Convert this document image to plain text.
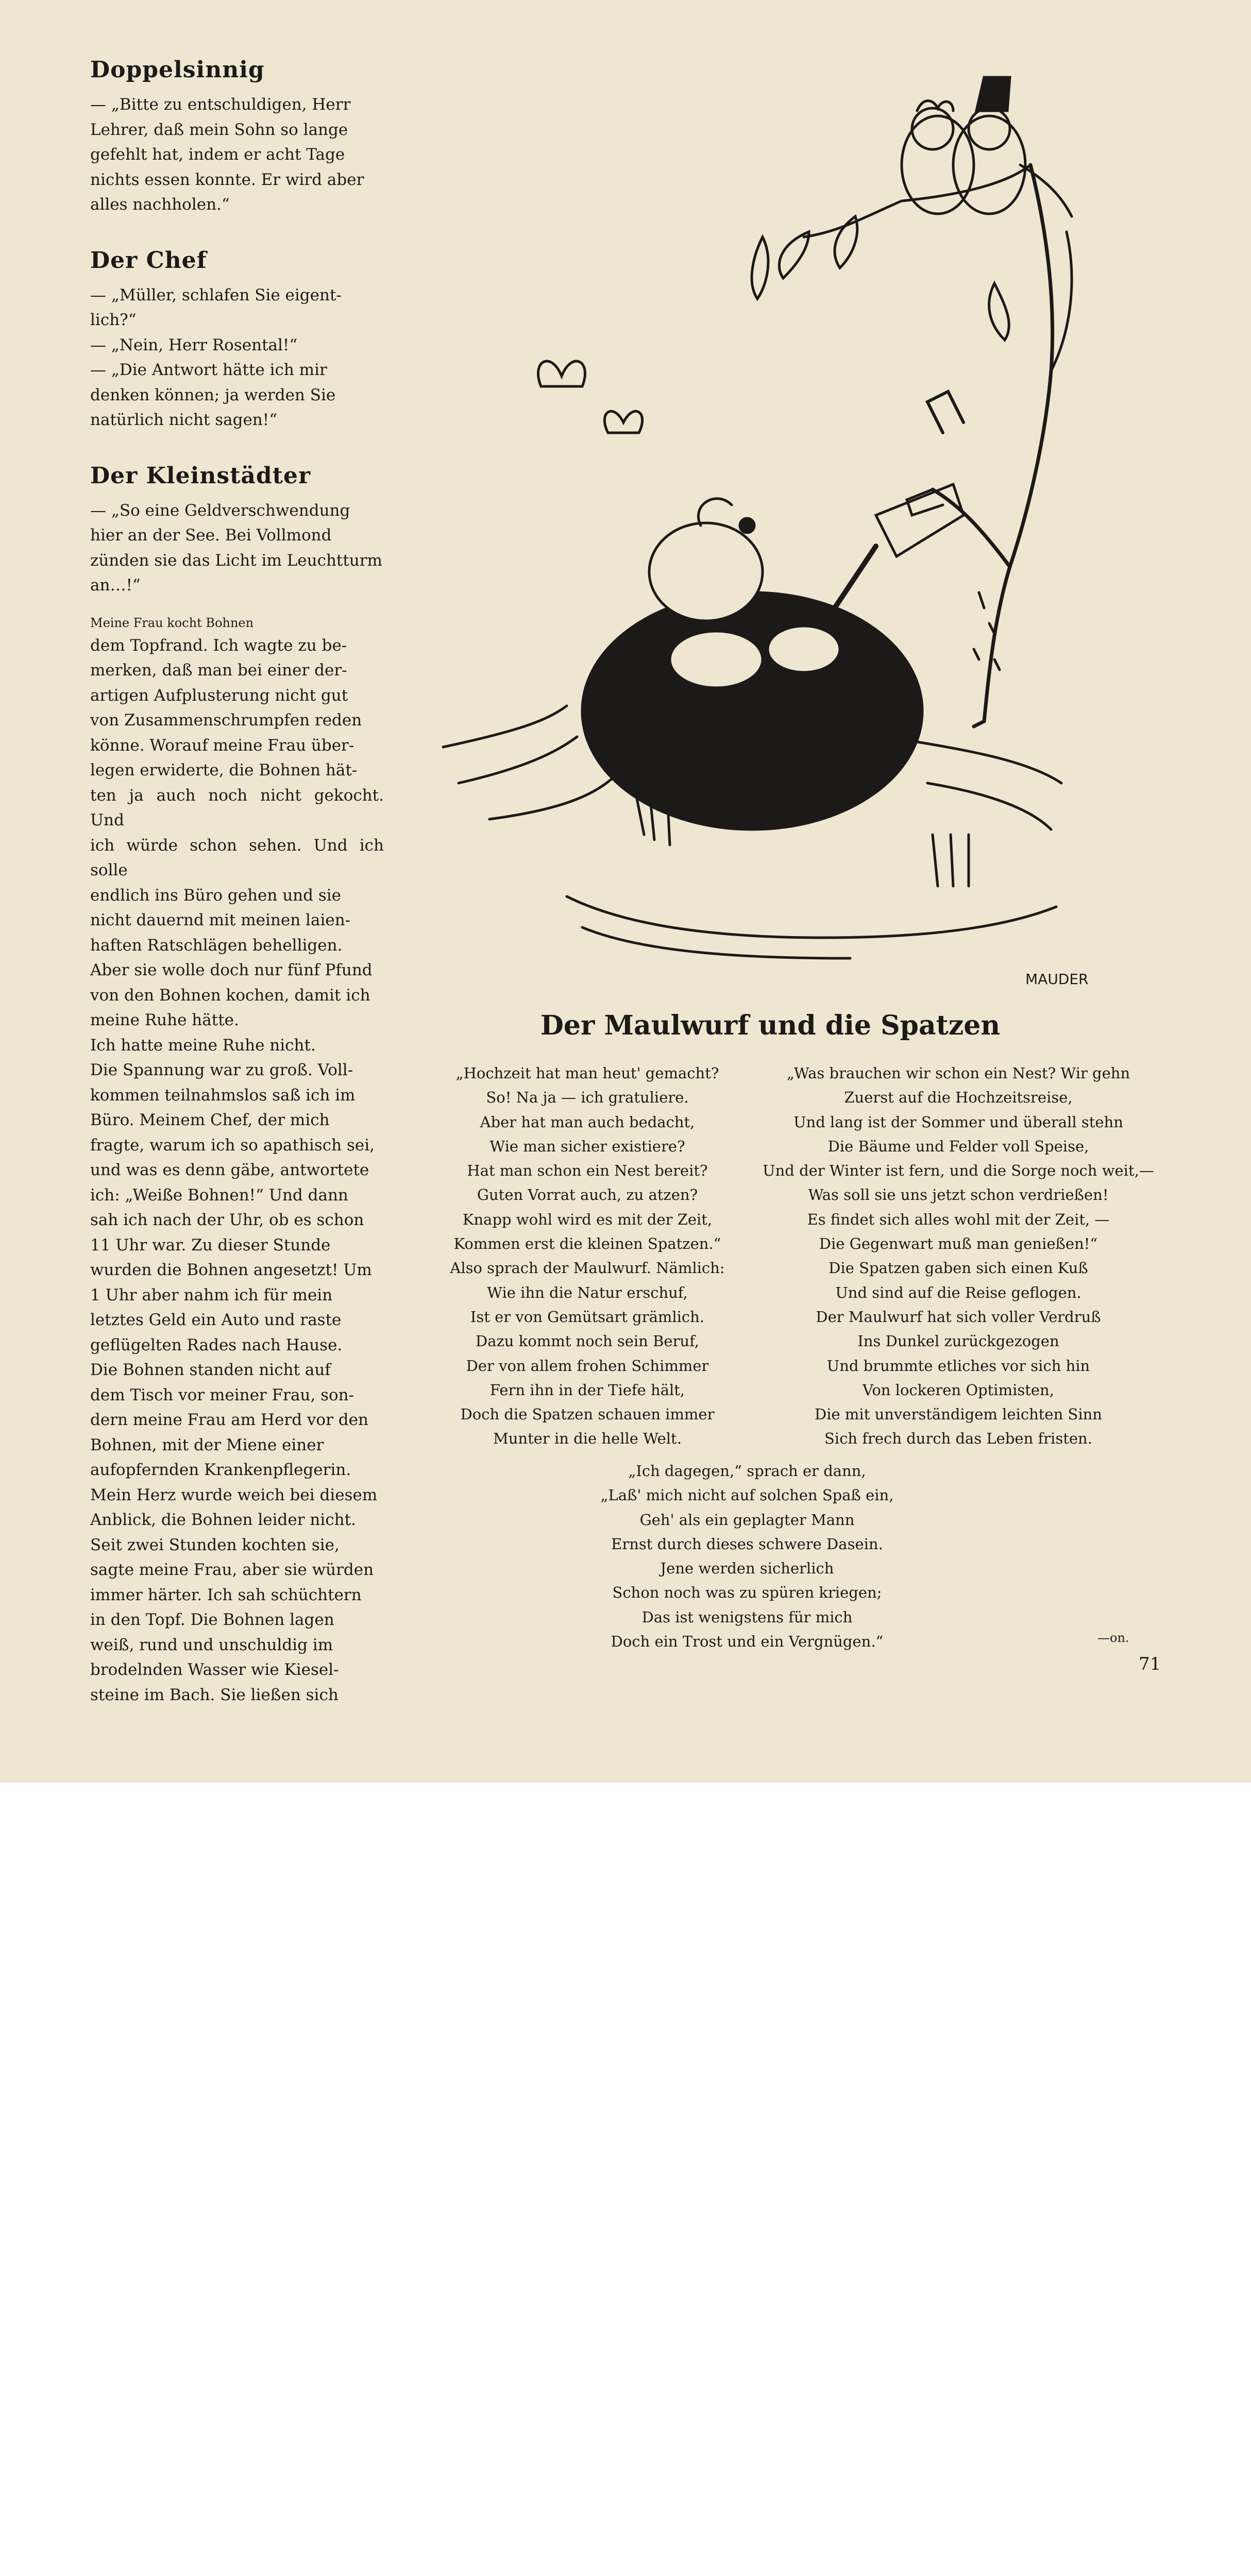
Doppelsinnig

— „Bitte zu entschuldigen, Herr

Lehrer, daß mein Sohn so lange

gefehlt hat, indem er acht Tage

nichts essen konnte. Er wird aber

alles nachholen.“

Der Chef

— „Müller, schlafen Sie eigent-

lich?“

— „Nein, Herr Rosental!“

— „Die Antwort hätte ich mir

denken können; ja werden Sie

natürlich nicht sagen!“

Der Kleinstädter

— „So eine Geldverschwendung

hier an der See. Bei Vollmond

zünden sie das Licht im Leuchtturm

an…!“

Meine Frau kocht Bohnen
dem Topfrand. Ich wagte zu be-
merken, daß man bei einer der-
artigen Aufplusterung nicht gut
von Zusammenschrumpfen reden
könne. Worauf meine Frau über-
legen erwiderte, die Bohnen hät-
ten ja auch noch nicht gekocht. Und
ich würde schon sehen. Und ich solle
endlich ins Büro gehen und sie
nicht dauernd mit meinen laien-
haften Ratschlägen behelligen.
Aber sie wolle doch nur fünf Pfund
von den Bohnen kochen, damit ich
meine Ruhe hätte.
Ich hatte meine Ruhe nicht.
Die Spannung war zu groß. Voll-
kommen teilnahmslos saß ich im
Büro. Meinem Chef, der mich
fragte, warum ich so apathisch sei,
und was es denn gäbe, antwortete
ich: „Weiße Bohnen!“ Und dann
sah ich nach der Uhr, ob es schon
11 Uhr war. Zu dieser Stunde
wurden die Bohnen angesetzt! Um
1 Uhr aber nahm ich für mein
letztes Geld ein Auto und raste
geflügelten Rades nach Hause.
Die Bohnen standen nicht auf
dem Tisch vor meiner Frau, son-
dern meine Frau am Herd vor den
Bohnen, mit der Miene einer
aufopfernden Krankenpflegerin.
Mein Herz wurde weich bei diesem
Anblick, die Bohnen leider nicht.
Seit zwei Stunden kochten sie,
sagte meine Frau, aber sie würden
immer härter. Ich sah schüchtern
in den Topf. Die Bohnen lagen
weiß, rund und unschuldig im
brodelnden Wasser wie Kiesel-
steine im Bach. Sie ließen sich
MAUDER
Der Maulwurf und die Spatzen
„Hochzeit hat man heut' gemacht?
So! Na ja — ich gratuliere.
Aber hat man auch bedacht,
Wie man sicher existiere?
Hat man schon ein Nest bereit?
Guten Vorrat auch, zu atzen?
Knapp wohl wird es mit der Zeit,
Kommen erst die kleinen Spatzen.“
Also sprach der Maulwurf. Nämlich:
Wie ihn die Natur erschuf,
Ist er von Gemütsart grämlich.
Dazu kommt noch sein Beruf,
Der von allem frohen Schimmer
Fern ihn in der Tiefe hält,
Doch die Spatzen schauen immer
Munter in die helle Welt.
„Was brauchen wir schon ein Nest? Wir gehn
Zuerst auf die Hochzeitsreise,
Und lang ist der Sommer und überall stehn
Die Bäume und Felder voll Speise,
Und der Winter ist fern, und die Sorge noch weit,—
Was soll sie uns jetzt schon verdrießen!
Es findet sich alles wohl mit der Zeit, —
Die Gegenwart muß man genießen!“
Die Spatzen gaben sich einen Kuß
Und sind auf die Reise geflogen.
Der Maulwurf hat sich voller Verdruß
Ins Dunkel zurückgezogen
Und brummte etliches vor sich hin
Von lockeren Optimisten,
Die mit unverständigem leichten Sinn
Sich frech durch das Leben fristen.
„Ich dagegen,“ sprach er dann,
„Laß' mich nicht auf solchen Spaß ein,
Geh' als ein geplagter Mann
Ernst durch dieses schwere Dasein.
Jene werden sicherlich
Schon noch was zu spüren kriegen;
Das ist wenigstens für mich
Doch ein Trost und ein Vergnügen.“	—on.
71
